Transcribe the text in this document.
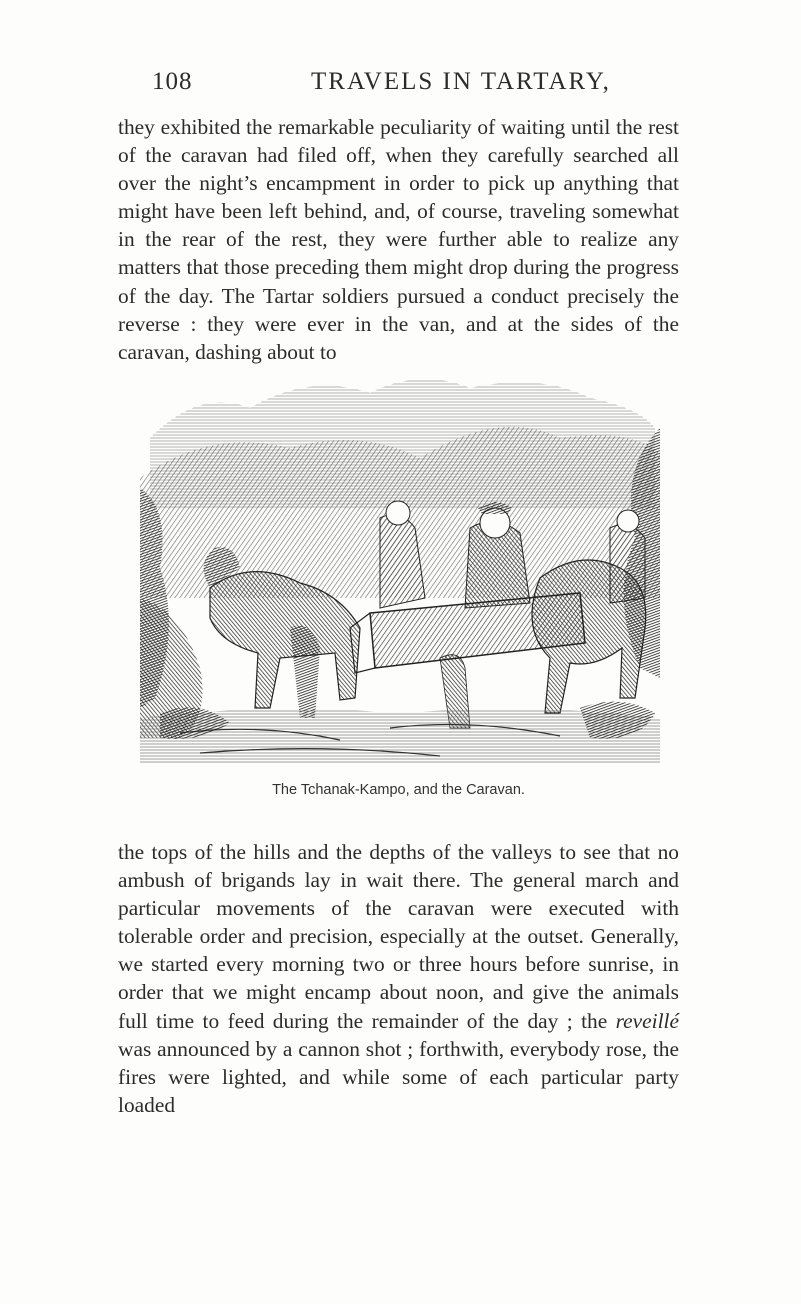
108	TRAVELS IN TARTARY,

they exhibited the remarkable peculiarity of waiting until the rest of the caravan had filed off, when they carefully searched all over the night’s encampment in order to pick up anything that might have been left behind, and, of course, traveling somewhat in the rear of the rest, they were further able to realize any matters that those preceding them might drop during the progress of the day. The Tartar soldiers pursued a conduct precisely the reverse : they were ever in the van, and at the sides of the caravan, dashing about to

The Tchanak-Kampo, and the Caravan.

the tops of the hills and the depths of the valleys to see that no ambush of brigands lay in wait there. The general march and particular movements of the caravan were executed with tolerable order and precision, especially at the outset. Generally, we started every morning two or three hours before sunrise, in order that we might encamp about noon, and give the animals full time to feed during the remainder of the day ; the reveillé was announced by a cannon shot ; forthwith, everybody rose, the fires were lighted, and while some of each particular party loaded
